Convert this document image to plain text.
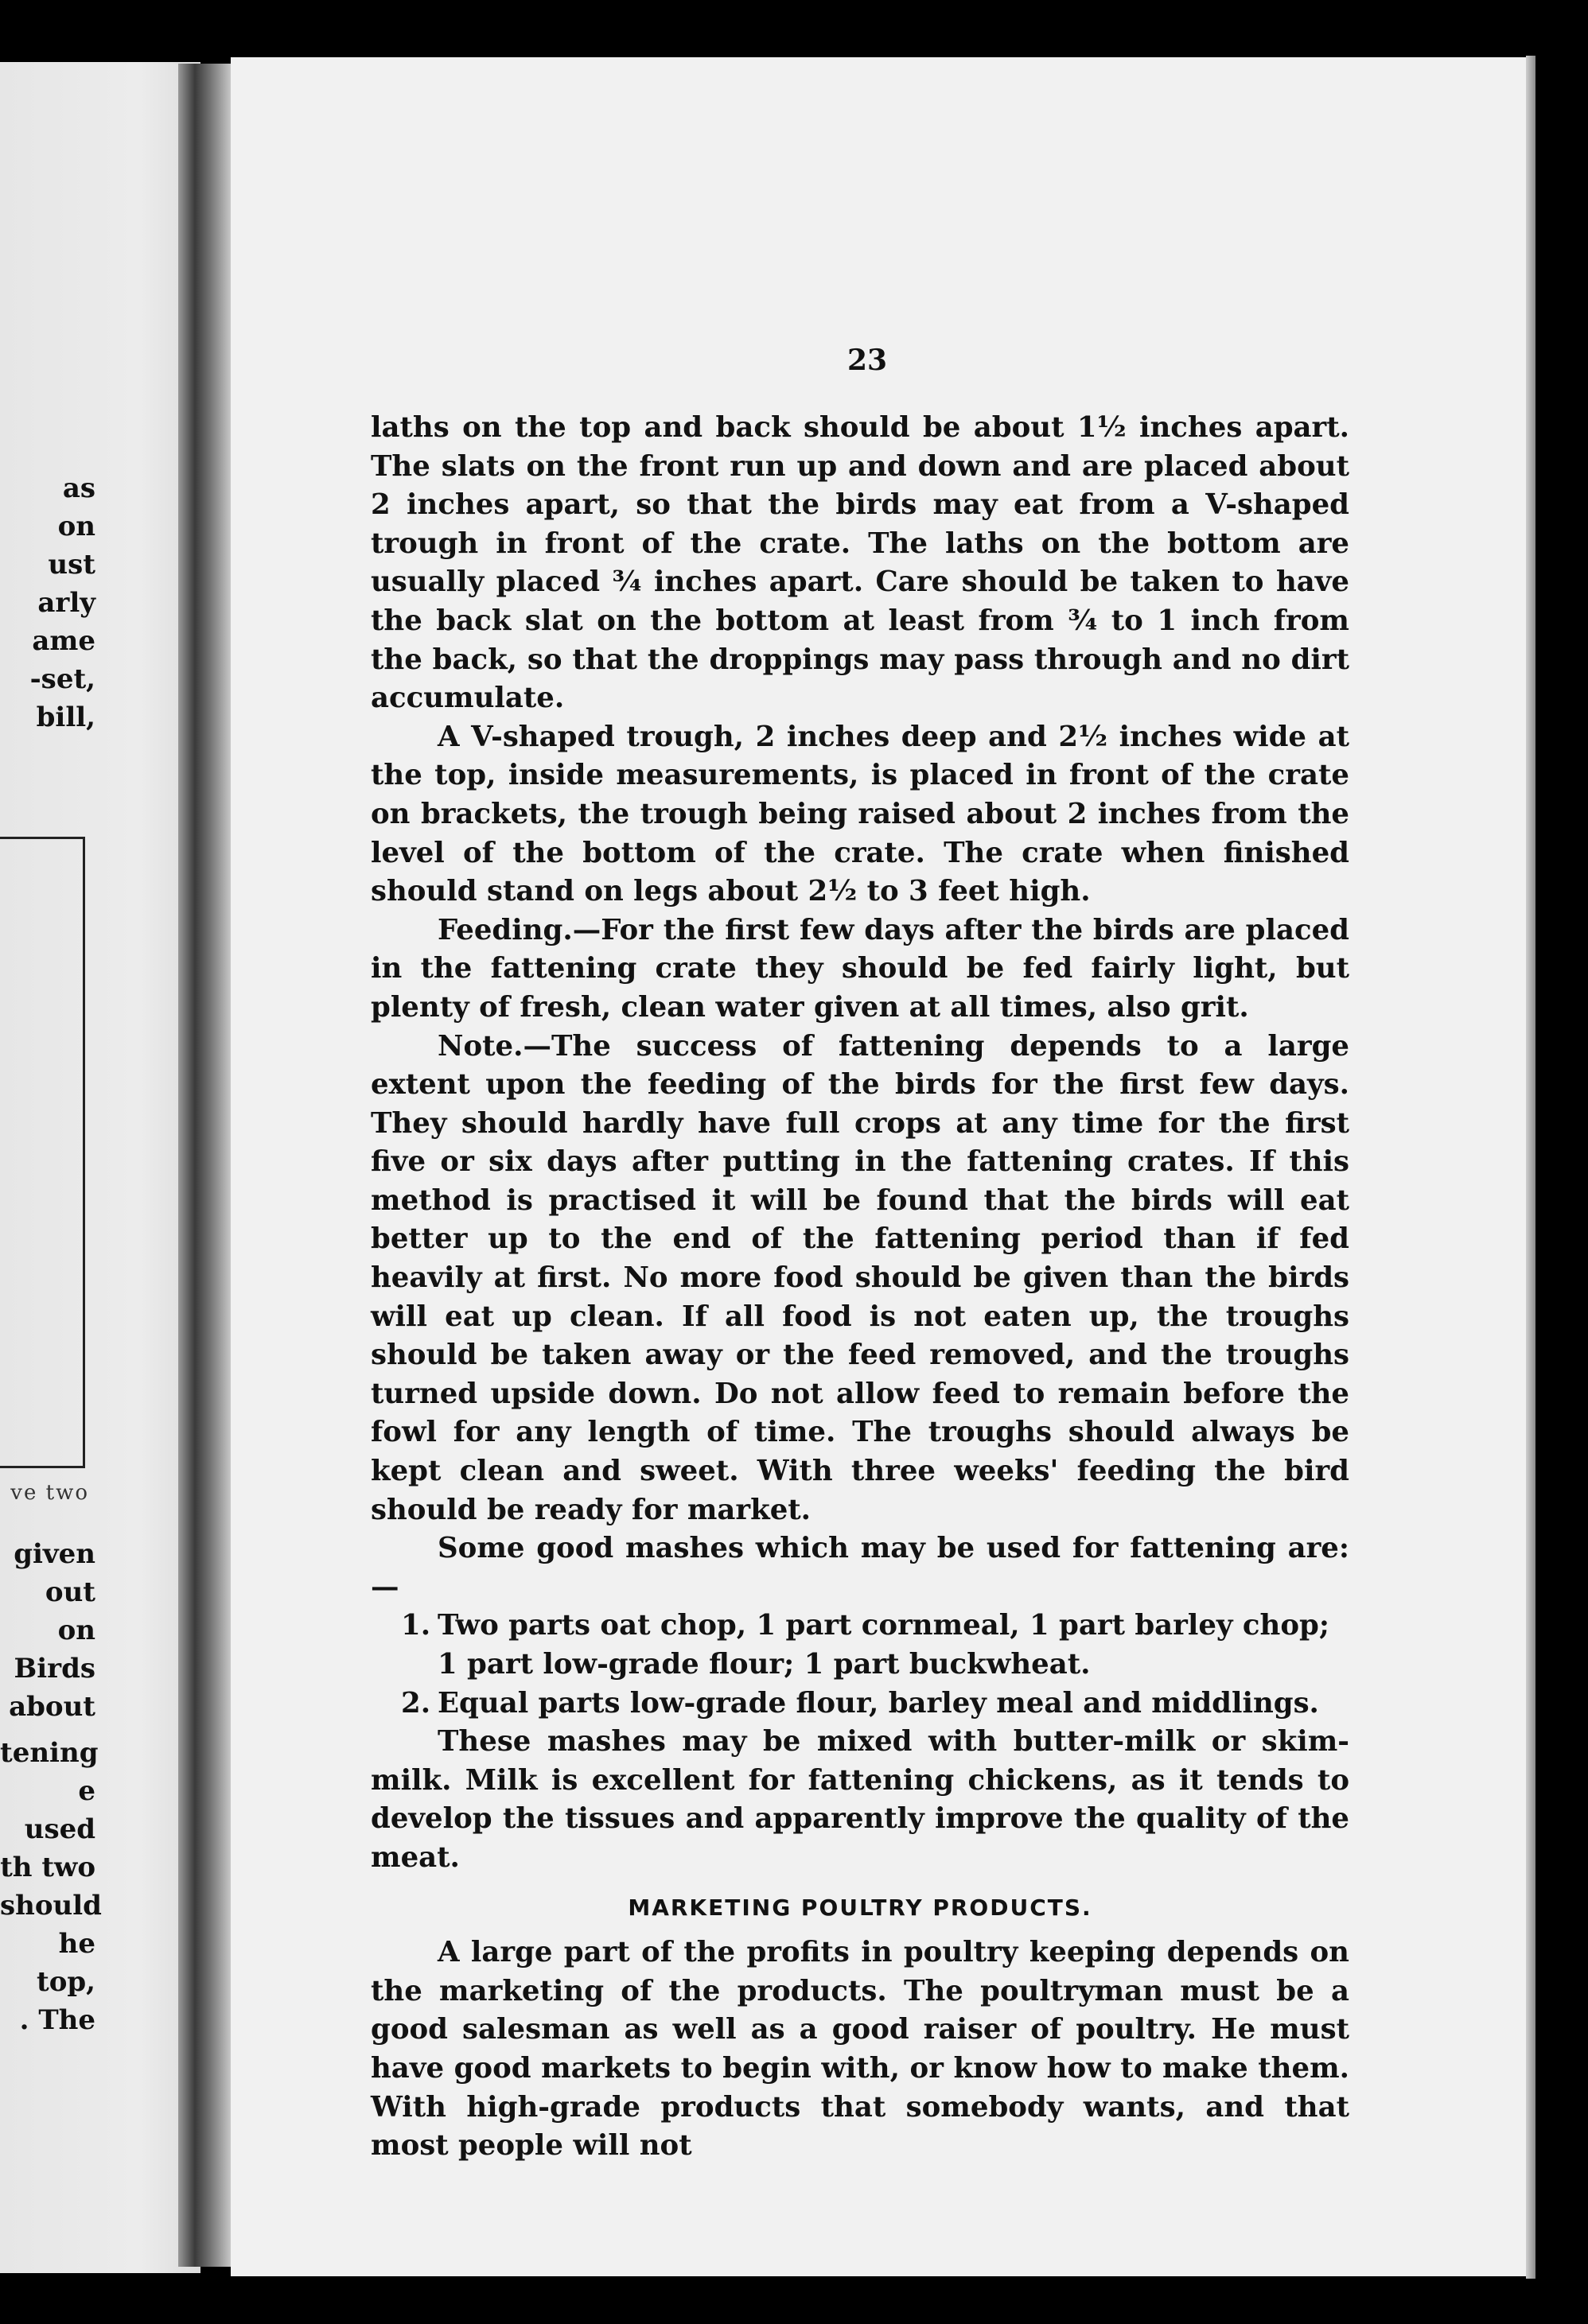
as
on
ust
arly
ame
-set,
bill,
ve two
given
out on
Birds
about
tening
e used
th two
should
he top,
. The
23

laths on the top and back should be about 1½ inches apart. The slats on the front run up and down and are placed about 2 inches apart, so that the birds may eat from a V-shaped trough in front of the crate. The laths on the bottom are usually placed ¾ inches apart. Care should be taken to have the back slat on the bottom at least from ¾ to 1 inch from the back, so that the droppings may pass through and no dirt accumulate.

A V-shaped trough, 2 inches deep and 2½ inches wide at the top, inside measurements, is placed in front of the crate on brackets, the trough being raised about 2 inches from the level of the bottom of the crate. The crate when finished should stand on legs about 2½ to 3 feet high.

Feeding.—For the first few days after the birds are placed in the fattening crate they should be fed fairly light, but plenty of fresh, clean water given at all times, also grit.

Note.—The success of fattening depends to a large extent upon the feeding of the birds for the first few days. They should hardly have full crops at any time for the first five or six days after putting in the fattening crates. If this method is practised it will be found that the birds will eat better up to the end of the fattening period than if fed heavily at first. No more food should be given than the birds will eat up clean. If all food is not eaten up, the troughs should be taken away or the feed removed, and the troughs turned upside down. Do not allow feed to remain before the fowl for any length of time. The troughs should always be kept clean and sweet. With three weeks' feeding the bird should be ready for market.

Some good mashes which may be used for fattening are:—

1. Two parts oat chop, 1 part cornmeal, 1 part barley chop; 1 part low-grade flour; 1 part buckwheat.

2. Equal parts low-grade flour, barley meal and middlings.

These mashes may be mixed with butter-milk or skim-milk. Milk is excellent for fattening chickens, as it tends to develop the tissues and apparently improve the quality of the meat.

MARKETING POULTRY PRODUCTS.

A large part of the profits in poultry keeping depends on the marketing of the products. The poultryman must be a good salesman as well as a good raiser of poultry. He must have good markets to begin with, or know how to make them. With high-grade products that somebody wants, and that most people will not
